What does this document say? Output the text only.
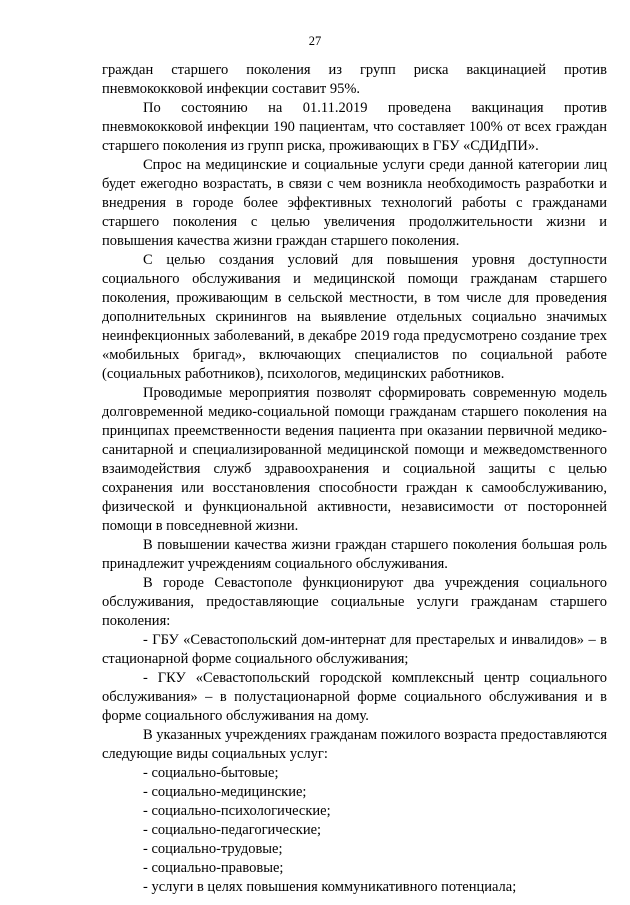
27

граждан старшего поколения из групп риска вакцинацией против пневмококковой инфекции составит 95%.

По состоянию на 01.11.2019 проведена вакцинация против пневмококковой инфекции 190 пациентам, что составляет 100% от всех граждан старшего поколения из групп риска, проживающих в ГБУ «СДИдПИ».

Спрос на медицинские и социальные услуги среди данной категории лиц будет ежегодно возрастать, в связи с чем возникла необходимость разработки и внедрения в городе более эффективных технологий работы с гражданами старшего поколения с целью увеличения продолжительности жизни и повышения качества жизни граждан старшего поколения.

С целью создания условий для повышения уровня доступности социального обслуживания и медицинской помощи гражданам старшего поколения, проживающим в сельской местности, в том числе для проведения дополнительных скринингов на выявление отдельных социально значимых неинфекционных заболеваний, в декабре 2019 года предусмотрено создание трех «мобильных бригад», включающих специалистов по социальной работе (социальных работников), психологов, медицинских работников.

Проводимые мероприятия позволят сформировать современную модель долговременной медико-социальной помощи гражданам старшего поколения на принципах преемственности ведения пациента при оказании первичной медико-санитарной и специализированной медицинской помощи и межведомственного взаимодействия служб здравоохранения и социальной защиты с целью сохранения или восстановления способности граждан к самообслуживанию, физической и функциональной активности, независимости от посторонней помощи в повседневной жизни.

В повышении качества жизни граждан старшего поколения большая роль принадлежит учреждениям социального обслуживания.

В городе Севастополе функционируют два учреждения социального обслуживания, предоставляющие социальные услуги гражданам старшего поколения:

- ГБУ «Севастопольский дом-интернат для престарелых и инвалидов» – в стационарной форме социального обслуживания;

- ГКУ «Севастопольский городской комплексный центр социального обслуживания» – в полустационарной форме социального обслуживания и в форме социального обслуживания на дому.

В указанных учреждениях гражданам пожилого возраста предоставляются следующие виды социальных услуг:

- социально-бытовые;

- социально-медицинские;

- социально-психологические;

- социально-педагогические;

- социально-трудовые;

- социально-правовые;

- услуги в целях повышения коммуникативного потенциала;
